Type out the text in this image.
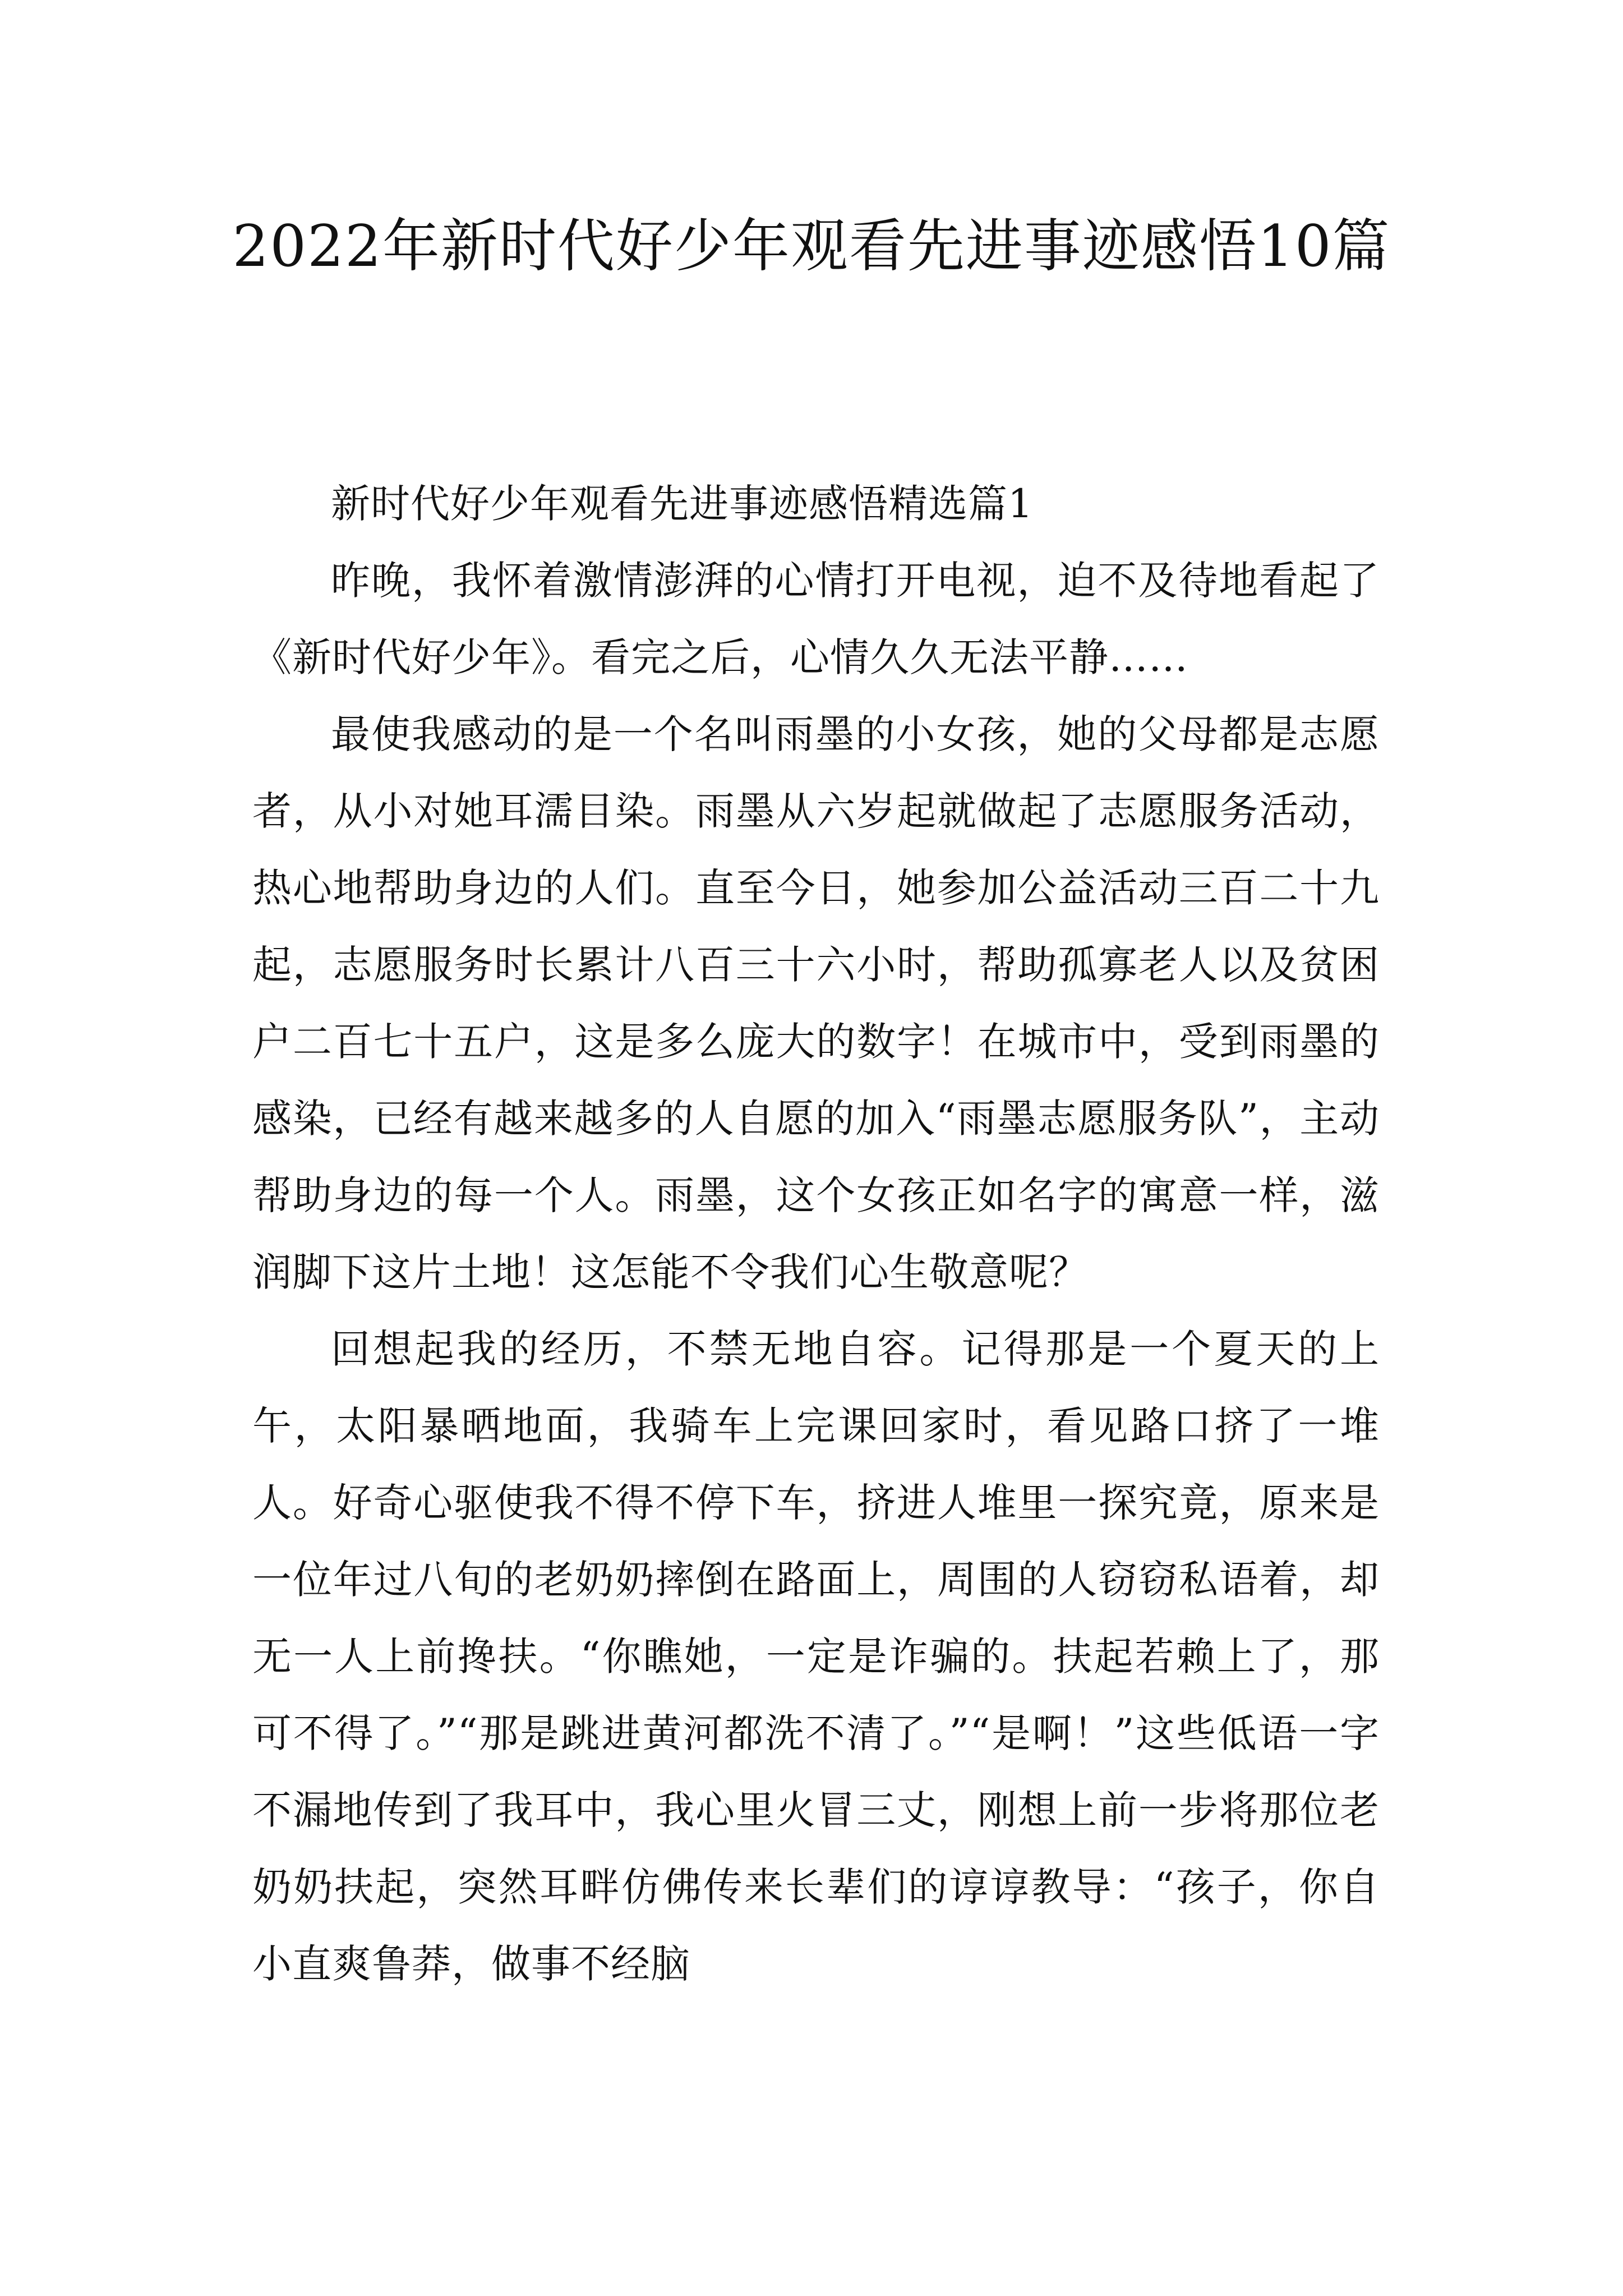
2022年新时代好少年观看先进事迹感悟10篇

新时代好少年观看先进事迹感悟精选篇1

昨晚，我怀着激情澎湃的心情打开电视，迫不及待地看起了《新时代好少年》。看完之后，心情久久无法平静……

最使我感动的是一个名叫雨墨的小女孩，她的父母都是志愿者，从小对她耳濡目染。雨墨从六岁起就做起了志愿服务活动，热心地帮助身边的人们。直至今日，她参加公益活动三百二十九起，志愿服务时长累计八百三十六小时，帮助孤寡老人以及贫困户二百七十五户，这是多么庞大的数字！在城市中，受到雨墨的感染，已经有越来越多的人自愿的加入“雨墨志愿服务队”，主动帮助身边的每一个人。雨墨，这个女孩正如名字的寓意一样，滋润脚下这片土地！这怎能不令我们心生敬意呢？

回想起我的经历，不禁无地自容。记得那是一个夏天的上午，太阳暴晒地面，我骑车上完课回家时，看见路口挤了一堆人。好奇心驱使我不得不停下车，挤进人堆里一探究竟，原来是一位年过八旬的老奶奶摔倒在路面上，周围的人窃窃私语着，却无一人上前搀扶。“你瞧她，一定是诈骗的。扶起若赖上了，那可不得了。”“那是跳进黄河都洗不清了。”“是啊！”这些低语一字不漏地传到了我耳中，我心里火冒三丈，刚想上前一步将那位老奶奶扶起，突然耳畔仿佛传来长辈们的谆谆教导：“孩子，你自小直爽鲁莽，做事不经脑
